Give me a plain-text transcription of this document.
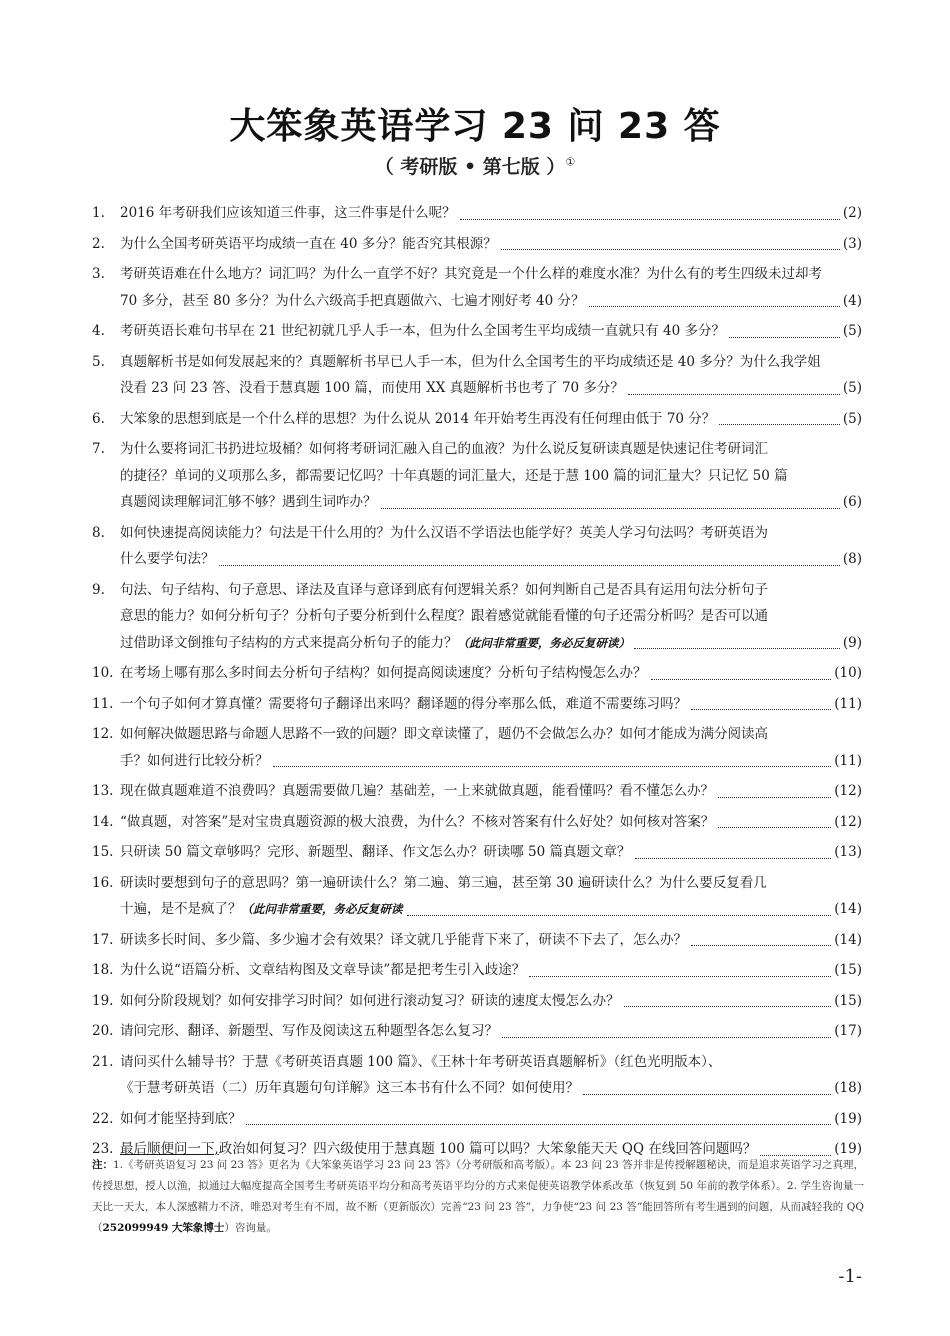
大笨象英语学习 23 问 23 答
（ 考研版 • 第七版 ）①
1. 2016 年考研我们应该知道三件事，这三件事是什么呢？	(2)
2. 为什么全国考研英语平均成绩一直在 40 多分？能否究其根源？	(3)
3. 考研英语难在什么地方？词汇吗？为什么一直学不好？其究竟是一个什么样的难度水准？为什么有的考生四级未过却考
70 多分，甚至 80 多分？为什么六级高手把真题做六、七遍才刚好考 40 分？	(4)
4. 考研英语长难句书早在 21 世纪初就几乎人手一本，但为什么全国考生平均成绩一直就只有 40 多分？	(5)
5. 真题解析书是如何发展起来的？真题解析书早已人手一本，但为什么全国考生的平均成绩还是 40 多分？为什么我学姐
没看 23 问 23 答、没看于慧真题 100 篇，而使用 XX 真题解析书也考了 70 多分？	(5)
6. 大笨象的思想到底是一个什么样的思想？为什么说从 2014 年开始考生再没有任何理由低于 70 分？	(5)
7. 为什么要将词汇书扔进垃圾桶？如何将考研词汇融入自己的血液？为什么说反复研读真题是快速记住考研词汇
的捷径？单词的义项那么多，都需要记忆吗？十年真题的词汇量大，还是于慧 100 篇的词汇量大？只记忆 50 篇
真题阅读理解词汇够不够？遇到生词咋办？	(6)
8. 如何快速提高阅读能力？句法是干什么用的？为什么汉语不学语法也能学好？英美人学习句法吗？考研英语为
什么要学句法？	(8)
9. 句法、句子结构、句子意思、译法及直译与意译到底有何逻辑关系？如何判断自己是否具有运用句法分析句子
意思的能力？如何分析句子？分析句子要分析到什么程度？跟着感觉就能看懂的句子还需分析吗？是否可以通
过借助译文倒推句子结构的方式来提高分析句子的能力？（此问非常重要，务必反复研读）	(9)
10. 在考场上哪有那么多时间去分析句子结构？如何提高阅读速度？分析句子结构慢怎么办？	(10)
11. 一个句子如何才算真懂？需要将句子翻译出来吗？翻译题的得分率那么低，难道不需要练习吗？	(11)
12. 如何解决做题思路与命题人思路不一致的问题？即文章读懂了，题仍不会做怎么办？如何才能成为满分阅读高
手？如何进行比较分析？	(11)
13. 现在做真题难道不浪费吗？真题需要做几遍？基础差，一上来就做真题，能看懂吗？看不懂怎么办？	(12)
14. “做真题，对答案”是对宝贵真题资源的极大浪费，为什么？不核对答案有什么好处？如何核对答案？	(12)
15. 只研读 50 篇文章够吗？完形、新题型、翻译、作文怎么办？研读哪 50 篇真题文章？	(13)
16. 研读时要想到句子的意思吗？第一遍研读什么？第二遍、第三遍，甚至第 30 遍研读什么？为什么要反复看几
十遍，是不是疯了？（此问非常重要，务必反复研读	(14)
17. 研读多长时间、多少篇、多少遍才会有效果？译文就几乎能背下来了，研读不下去了，怎么办？	(14)
18. 为什么说“语篇分析、文章结构图及文章导读”都是把考生引入歧途？	(15)
19. 如何分阶段规划？如何安排学习时间？如何进行滚动复习？研读的速度太慢怎么办？	(15)
20. 请问完形、翻译、新题型、写作及阅读这五种题型各怎么复习？	(17)
21. 请问买什么辅导书？于慧《考研英语真题 100 篇》、《王林十年考研英语真题解析》（红色光明版本）、
《于慧考研英语（二）历年真题句句详解》这三本书有什么不同？如何使用？	(18)
22. 如何才能坚持到底？	(19)
23. 最后顺便问一下,政治如何复习？四六级使用于慧真题 100 篇可以吗？大笨象能天天 QQ 在线回答问题吗？	(19)
注：1.《考研英语复习 23 问 23 答》更名为《大笨象英语学习 23 问 23 答》（分考研版和高考版）。本 23 问 23 答并非是传授解题秘诀，而是追求英语学习之真理，传授思想，授人以渔，拟通过大幅度提高全国考生考研英语平均分和高考英语平均分的方式来促使英语教学体系改革（恢复到 50 年前的教学体系）。2. 学生咨询量一天比一天大，本人深感精力不济，唯恐对考生有不周，故不断（更新版次）完善“23 问 23 答”，力争使“23 问 23 答”能回答所有考生遇到的问题，从而减轻我的 QQ（252099949 大笨象博士）咨询量。
-1-
